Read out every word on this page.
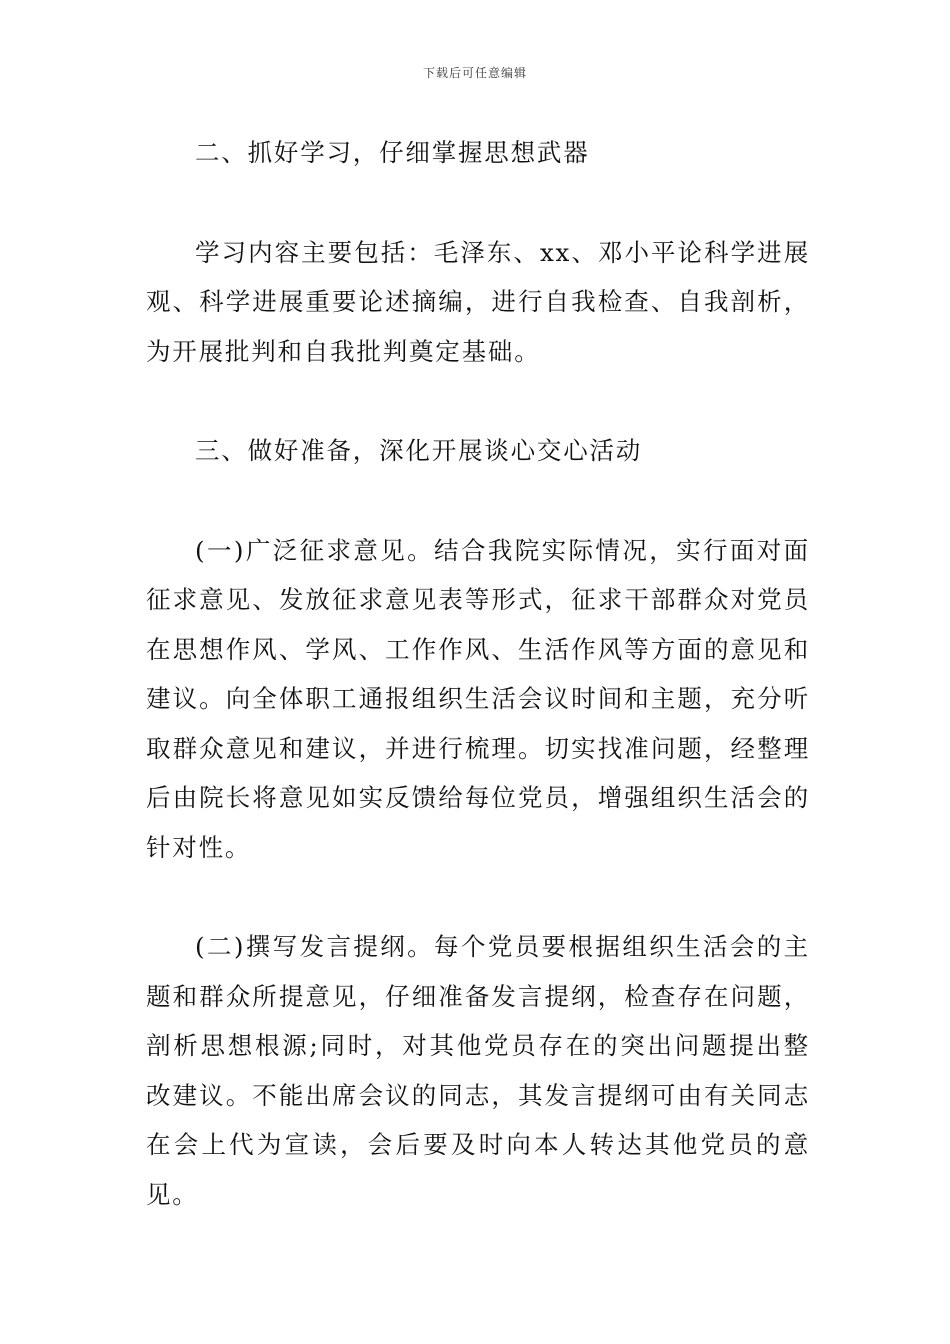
下载后可任意编辑

二、抓好学习，仔细掌握思想武器

学习内容主要包括：毛泽东、xx、邓小平论科学进展观、科学进展重要论述摘编，进行自我检查、自我剖析，为开展批判和自我批判奠定基础。

三、做好准备，深化开展谈心交心活动

(一)广泛征求意见。结合我院实际情况，实行面对面征求意见、发放征求意见表等形式，征求干部群众对党员在思想作风、学风、工作作风、生活作风等方面的意见和建议。向全体职工通报组织生活会议时间和主题，充分听取群众意见和建议，并进行梳理。切实找准问题，经整理后由院长将意见如实反馈给每位党员，增强组织生活会的针对性。

(二)撰写发言提纲。每个党员要根据组织生活会的主题和群众所提意见，仔细准备发言提纲，检查存在问题，剖析思想根源;同时，对其他党员存在的突出问题提出整改建议。不能出席会议的同志，其发言提纲可由有关同志在会上代为宣读，会后要及时向本人转达其他党员的意见。
